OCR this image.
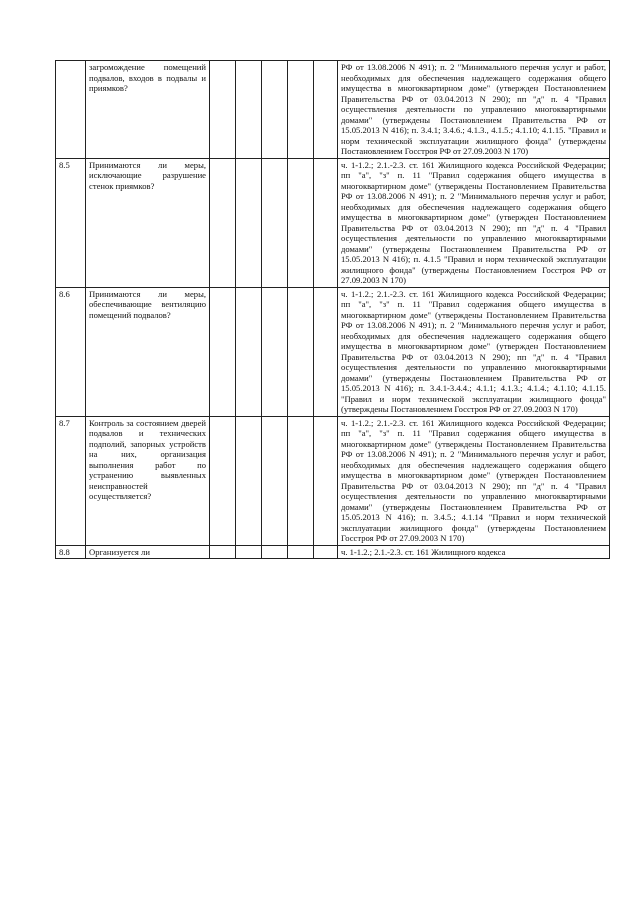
	загромождение помещений подвалов, входов в подвалы и приямков?						РФ от 13.08.2006 N 491); п. 2 "Минимального перечня услуг и работ, необходимых для обеспечения надлежащего содержания общего имущества в многоквартирном доме" (утвержден Постановлением Правительства РФ от 03.04.2013 N 290); пп "д" п. 4 "Правил осуществления деятельности по управлению многоквартирными домами" (утверждены Постановлением Правительства РФ от 15.05.2013 N 416); п. 3.4.1; 3.4.6.; 4.1.3., 4.1.5.; 4.1.10; 4.1.15. "Правил и норм технической эксплуатации жилищного фонда" (утверждены Постановлением Госстроя РФ от 27.09.2003 N 170)
8.5	Принимаются ли меры, исключающие разрушение стенок приямков?						ч. 1-1.2.; 2.1.-2.3. ст. 161 Жилищного кодекса Российской Федерации; пп "а", "з" п. 11 "Правил содержания общего имущества в многоквартирном доме" (утверждены Постановлением Правительства РФ от 13.08.2006 N 491); п. 2 "Минимального перечня услуг и работ, необходимых для обеспечения надлежащего содержания общего имущества в многоквартирном доме" (утвержден Постановлением Правительства РФ от 03.04.2013 N 290); пп "д" п. 4 "Правил осуществления деятельности по управлению многоквартирными домами" (утверждены Постановлением Правительства РФ от 15.05.2013 N 416); п. 4.1.5 "Правил и норм технической эксплуатации жилищного фонда" (утверждены Постановлением Госстроя РФ от 27.09.2003 N 170)
8.6	Принимаются ли меры, обеспечивающие вентиляцию помещений подвалов?						ч. 1-1.2.; 2.1.-2.3. ст. 161 Жилищного кодекса Российской Федерации; пп "а", "з" п. 11 "Правил содержания общего имущества в многоквартирном доме" (утверждены Постановлением Правительства РФ от 13.08.2006 N 491); п. 2 "Минимального перечня услуг и работ, необходимых для обеспечения надлежащего содержания общего имущества в многоквартирном доме" (утвержден Постановлением Правительства РФ от 03.04.2013 N 290); пп "д" п. 4 "Правил осуществления деятельности по управлению многоквартирными домами" (утверждены Постановлением Правительства РФ от 15.05.2013 N 416); п. 3.4.1-3.4.4.; 4.1.1; 4.1.3.; 4.1.4.; 4.1.10; 4.1.15. "Правил и норм технической эксплуатации жилищного фонда" (утверждены Постановлением Госстроя РФ от 27.09.2003 N 170)
8.7	Контроль за состоянием дверей подвалов и технических подполий, запорных устройств на них, организация выполнения работ по устранению выявленных неисправностей осуществляется?						ч. 1-1.2.; 2.1.-2.3. ст. 161 Жилищного кодекса Российской Федерации; пп "а", "з" п. 11 "Правил содержания общего имущества в многоквартирном доме" (утверждены Постановлением Правительства РФ от 13.08.2006 N 491); п. 2 "Минимального перечня услуг и работ, необходимых для обеспечения надлежащего содержания общего имущества в многоквартирном доме" (утвержден Постановлением Правительства РФ от 03.04.2013 N 290); пп "д" п. 4 "Правил осуществления деятельности по управлению многоквартирными домами" (утверждены Постановлением Правительства РФ от 15.05.2013 N 416); п. 3.4.5.; 4.1.14 "Правил и норм технической эксплуатации жилищного фонда" (утверждены Постановлением Госстроя РФ от 27.09.2003 N 170)
8.8	Организуется ли						ч. 1-1.2.; 2.1.-2.3. ст. 161 Жилищного кодекса
